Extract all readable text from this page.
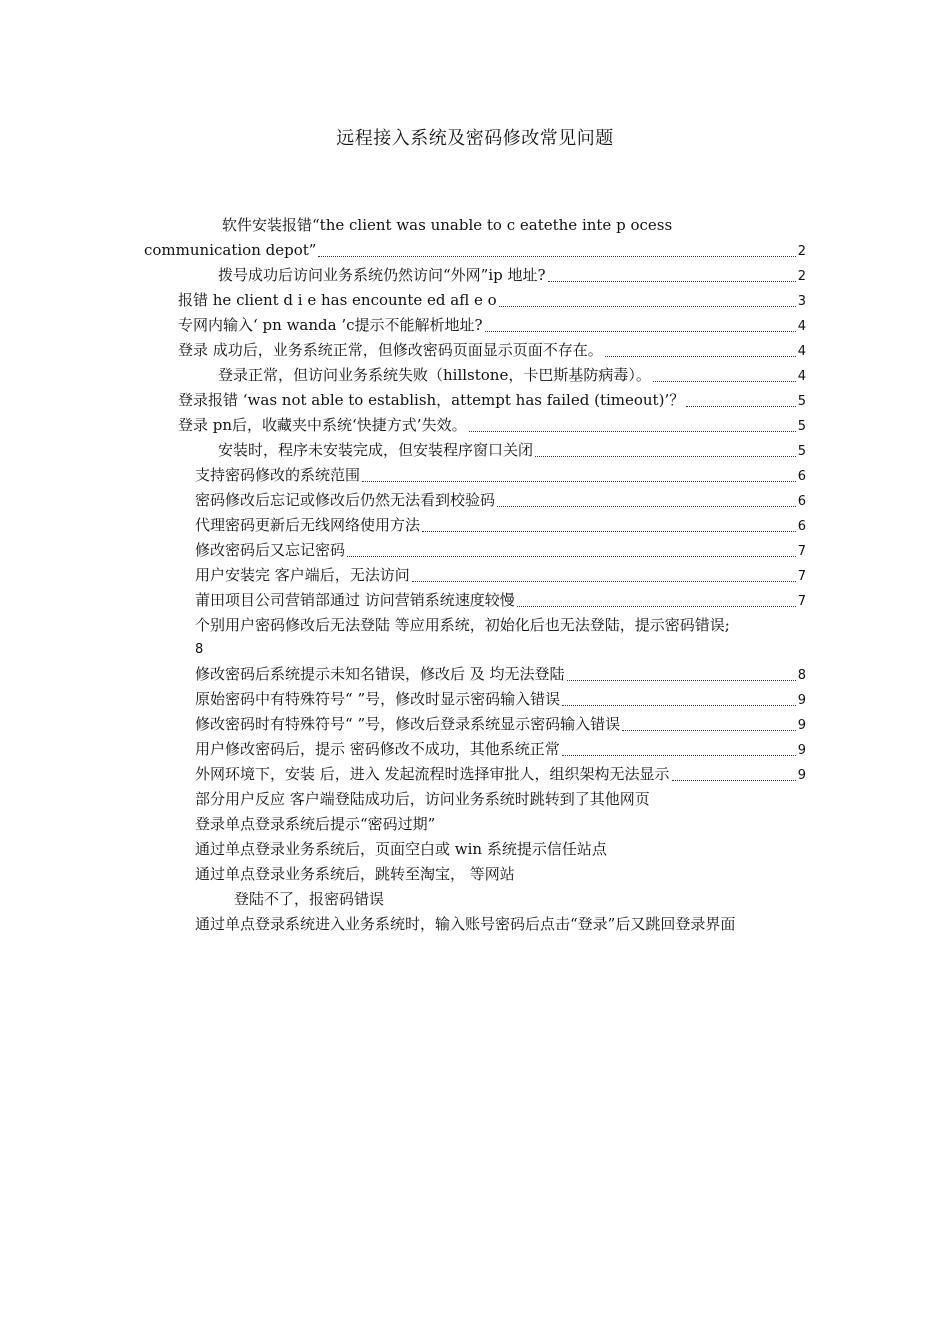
远程接入系统及密码修改常见问题
软件安装报错“the client was unable to c eatethe inte p ocess
communication depot”	2
拨号成功后访问业务系统仍然访问“外网”ip 地址?	2
报错 he client d i e has encounte ed afl e o	3
专网内输入‘ pn wanda ’c提示不能解析地址?	4
登录 成功后，业务系统正常，但修改密码页面显示页面不存在。	4
登录正常，但访问业务系统失败（hillstone，卡巴斯基防病毒）。	4
登录报错 ‘was not able to establish，attempt has failed (timeout)’？	5
登录 pn后，收藏夹中系统‘快捷方式’失效。	5
安装时，程序未安装完成，但安装程序窗口关闭	5
支持密码修改的系统范围	6
密码修改后忘记或修改后仍然无法看到校验码	6
代理密码更新后无线网络使用方法	6
修改密码后又忘记密码	7
用户安装完 客户端后，无法访问	7
莆田项目公司营销部通过 访问营销系统速度较慢	7
个别用户密码修改后无法登陆 等应用系统，初始化后也无法登陆，提示密码错误;
8
修改密码后系统提示未知名错误，修改后 及 均无法登陆	8
原始密码中有特殊符号“ ”号，修改时显示密码输入错误	9
修改密码时有特殊符号“ ”号，修改后登录系统显示密码输入错误	9
用户修改密码后，提示 密码修改不成功，其他系统正常	9
外网环境下，安装 后，进入 发起流程时选择审批人，组织架构无法显示	9
部分用户反应 客户端登陆成功后，访问业务系统时跳转到了其他网页
登录单点登录系统后提示“密码过期”
通过单点登录业务系统后，页面空白或 win 系统提示信任站点
通过单点登录业务系统后，跳转至淘宝， 等网站
登陆不了，报密码错误
通过单点登录系统进入业务系统时，输入账号密码后点击“登录”后又跳回登录界面
